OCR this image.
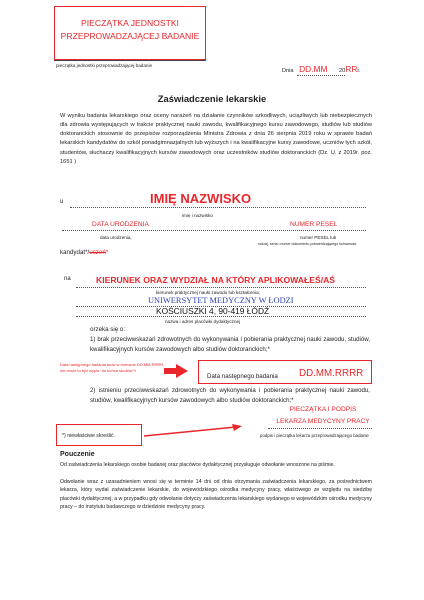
PIECZĄTKA JEDNOSTKI PRZEPROWADZAJĄCEJ BADANIE
pieczątka jednostki przeprowadzającej badanie
Dnia DD.MM 20RRr.
Zaświadczenie lekarskie
W wyniku badania lekarskiego oraz oceny narażeń na działanie czynników szkodliwych, uciążliwych lub niebezpiecznych dla zdrowia występujących w trakcie praktycznej nauki zawodu, kwalifikacyjnego kursu zawodowego, studiów lub studiów doktoranckich stosownie do przepisów rozporządzenia Ministra Zdrowia z dnia 26 sierpnia 2019 roku w sprawie badań lekarskich kandydatów do szkół ponadgimnazjalnych lub wyższych i na kwalifikacyjne kursy zawodowe, uczniów tych szkół, studentów, słuchaczy kwalifikacyjnych kursów zawodowych oraz uczestników studiów doktoranckich (Dz. U. z 2019r. poz. 1651 )
u	IMIĘ NAZWISKO
imię i nazwisko
DATA URODZENIA	NUMER PESEL
data urodzenia,	numer PESEL lub
rodzaj, seria i numer dokumentu potwierdzającego tożsamość
kandydat*/uczeń*
na	KIERUNEK ORAZ WYDZIAŁ NA KTÓRY APLIKOWAŁEŚ/AŚ
kierunek praktycznej nauki zawodu lub kształcenia;
UNIWERSYTET MEDYCZNY W ŁODZI
KOŚCIUSZKI 4, 90-419 ŁÓDŹ
nazwa i adres placówki dydaktycznej
orzeka się o:
1) brak przeciwwskazań zdrowotnych do wykonywania i pobierania praktycznej nauki zawodu, studiów, kwalifikacyjnych kursów zawodowych albo studiów doktoranckich;*
Data następnego badania musi w formacie DD.MM.RRRR,
nie może to być wypis "do końca studiów"!!
Data następnego badania DD.MM.RRRR
2) istnieniu przeciwwskazań zdrowotnych do wykonywania i pobierania praktycznej nauki zawodu, studiów, kwalifikacyjnych kursów zawodowych albo studiów doktoranckich;*
PIECZĄTKA I PODPIS
LEKARZA MEDYCYNY PRACY
*) niewłaściwe skreślić.	podpis i pieczątka lekarza przeprowadzającego badanie
Pouczenie
Od zaświadczenia lekarskiego osobie badanej oraz placówce dydaktycznej przysługuje odwołanie wnoszone na piśmie.
Odwołanie wraz z uzasadnieniem wnosi się w terminie 14 dni od dnia otrzymania zaświadczenia lekarskiego, za pośrednictwem lekarza, który wydał zaświadczenie lekarskie, do wojewódzkiego ośrodka medycyny pracy, właściwego ze względu na siedzibę placówki dydaktycznej, a w przypadku gdy odwołanie dotyczy zaświadczenia lekarskiego wydanego w wojewódzkim ośrodku medycyny pracy – do instytutu badawczego w dziedzinie medycyny pracy.
